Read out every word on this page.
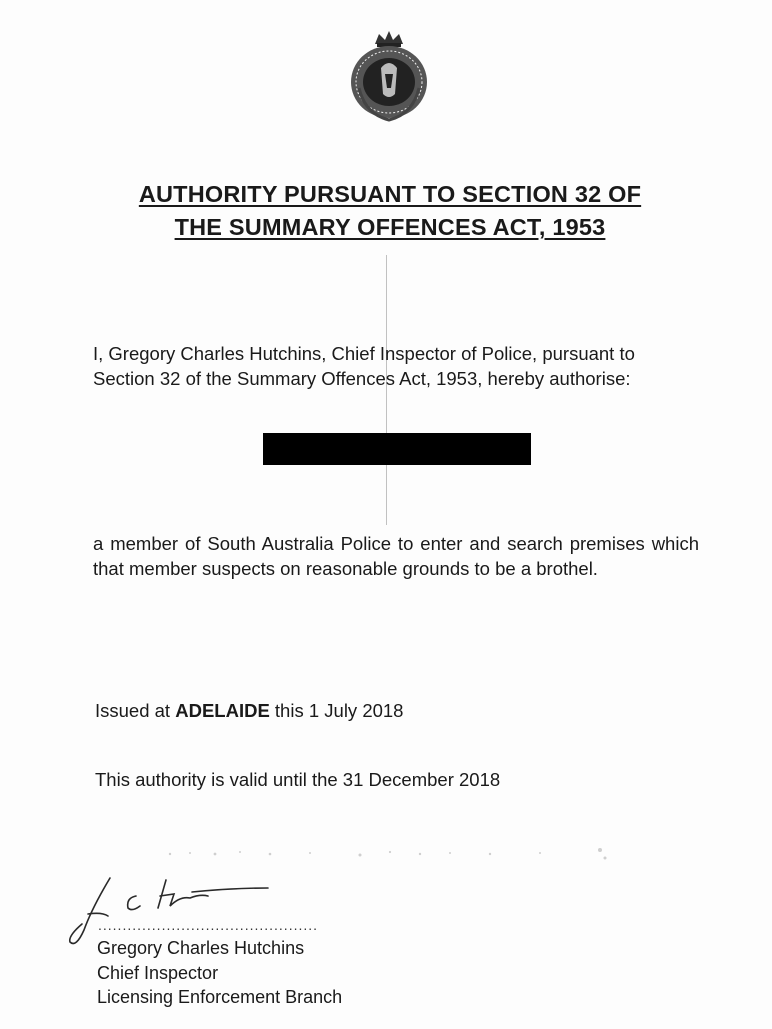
AUTHORITY PURSUANT TO SECTION 32 OF
THE SUMMARY OFFENCES ACT, 1953
I, Gregory Charles Hutchins, Chief Inspector of Police, pursuant to Section 32 of the Summary Offences Act, 1953, hereby authorise:
a member of South Australia Police to enter and search premises which that member suspects on reasonable grounds to be a brothel.
Issued at ADELAIDE this 1 July 2018
This authority is valid until the 31 December 2018
.............................................
Gregory Charles Hutchins
Chief Inspector
Licensing Enforcement Branch
